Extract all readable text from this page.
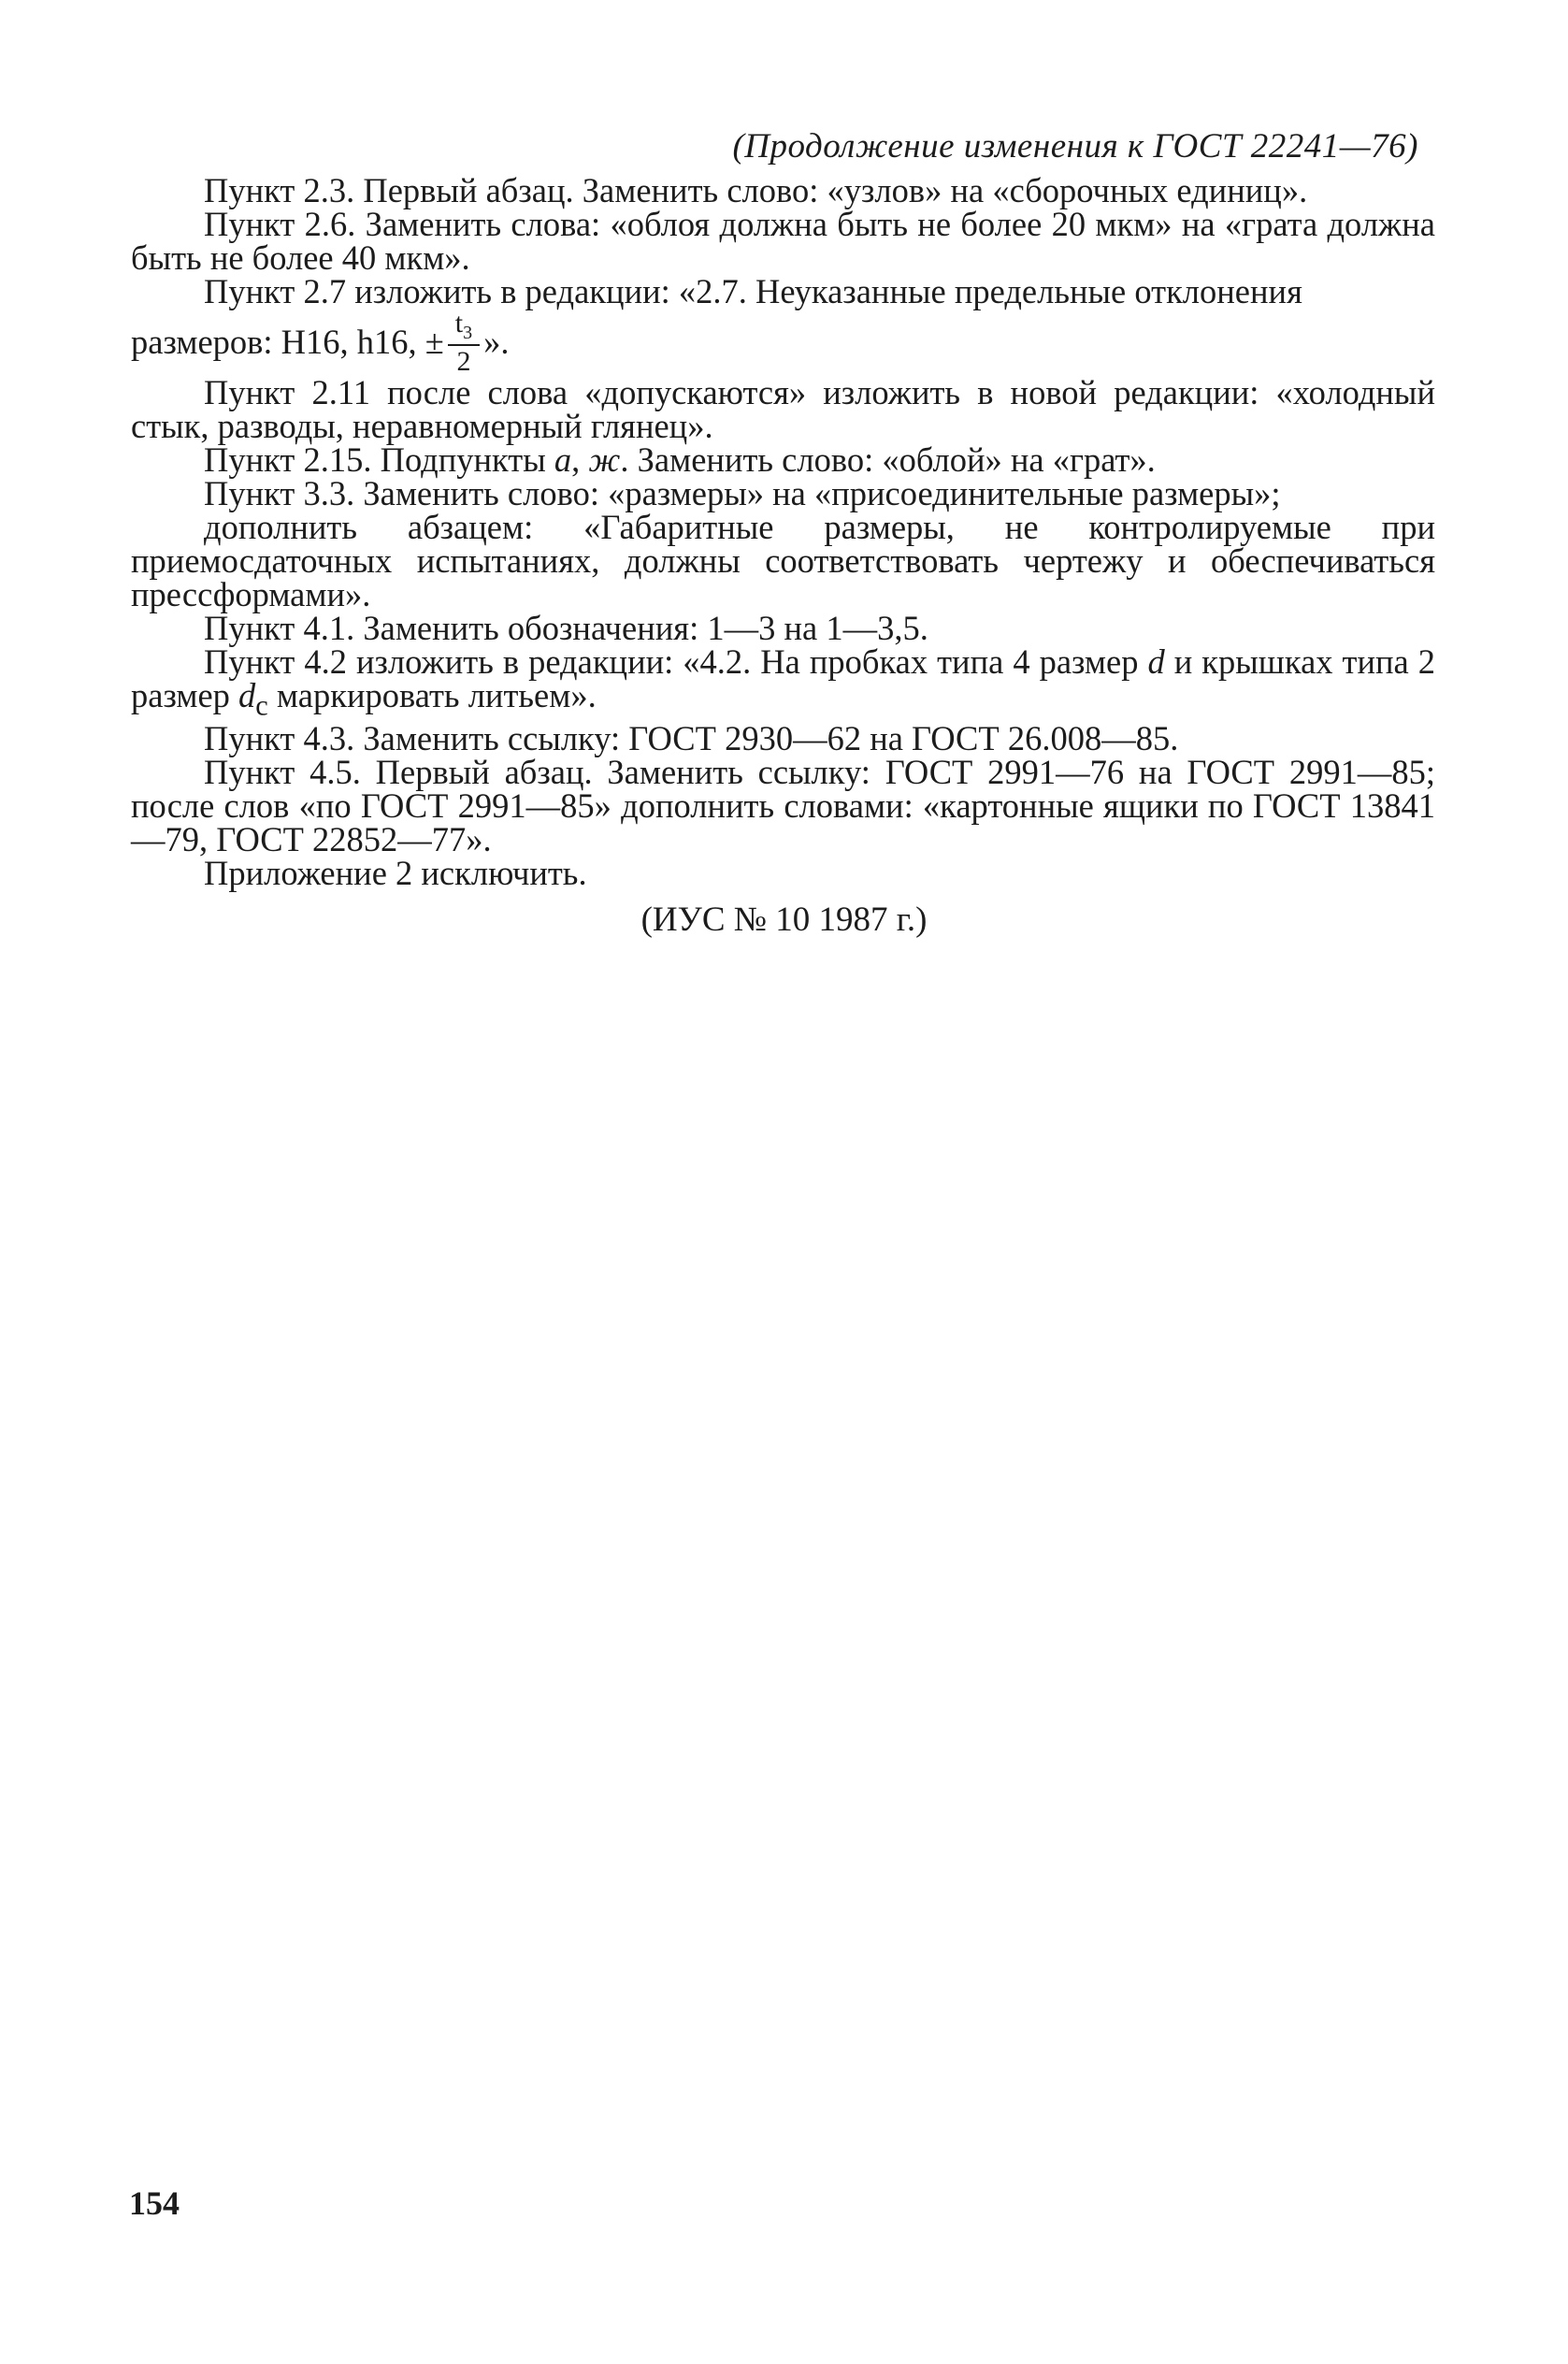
(Продолжение изменения к ГОСТ 22241—76)

Пункт 2.3. Первый абзац. Заменить слово: «узлов» на «сборочных единиц».

Пункт 2.6. Заменить слова: «облоя должна быть не более 20 мкм» на «грата должна быть не более 40 мкм».

Пункт 2.7 изложить в редакции: «2.7. Неуказанные предельные отклонения

размеров: Н16, h16, ± $\frac{t_3}{2}$ ».

Пункт 2.11 после слова «допускаются» изложить в новой редакции: «холодный стык, разводы, неравномерный глянец».

Пункт 2.15. Подпункты а, ж. Заменить слово: «облой» на «грат».

Пункт 3.3. Заменить слово: «размеры» на «присоединительные размеры»;

дополнить абзацем: «Габаритные размеры, не контролируемые при приемосдаточных испытаниях, должны соответствовать чертежу и обеспечиваться прессформами».

Пункт 4.1. Заменить обозначения: 1—3 на 1—3,5.

Пункт 4.2 изложить в редакции: «4.2. На пробках типа 4 размер d и крышках типа 2 размер $d_с$ маркировать литьем».

Пункт 4.3. Заменить ссылку: ГОСТ 2930—62 на ГОСТ 26.008—85.

Пункт 4.5. Первый абзац. Заменить ссылку: ГОСТ 2991—76 на ГОСТ 2991—85; после слов «по ГОСТ 2991—85» дополнить словами: «картонные ящики по ГОСТ 13841—79, ГОСТ 22852—77».

Приложение 2 исключить.

(ИУС № 10 1987 г.)
154
